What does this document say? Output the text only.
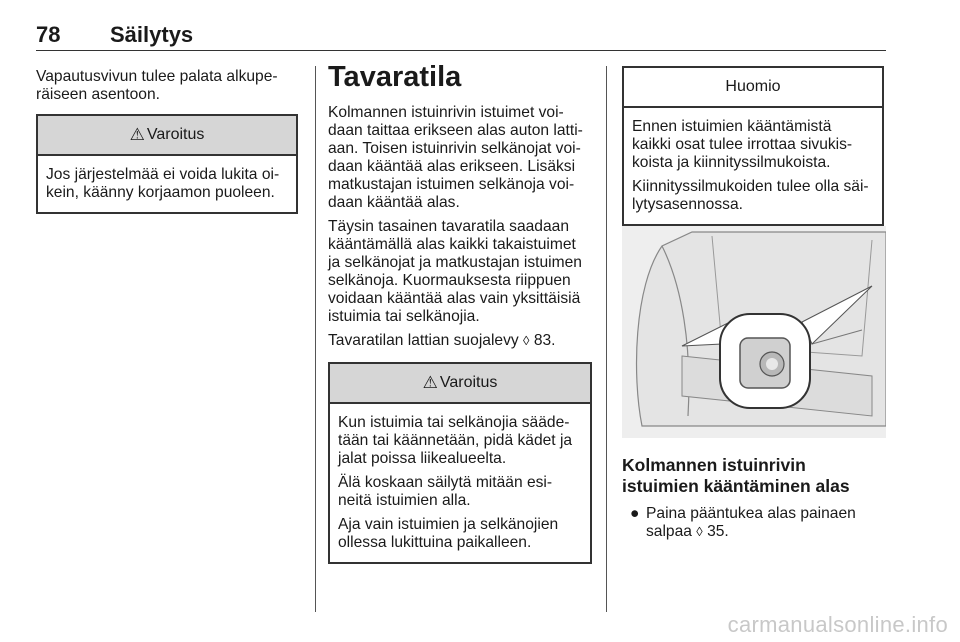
78 Säilytys

Vapautusvivun tulee palata alkupe-räiseen asentoon.

⚠ Varoitus

Jos järjestelmää ei voida lukita oi-kein, käänny korjaamon puoleen.

Tavaratila

Kolmannen istuinrivin istuimet voi-daan taittaa erikseen alas auton latti-aan. Toisen istuinrivin selkänojat voi-daan kääntää alas erikseen. Lisäksi matkustajan istuimen selkänoja voi-daan kääntää alas.

Täysin tasainen tavaratila saadaan kääntämällä alas kaikki takaistuimet ja selkänojat ja matkustajan istuimen selkänoja. Kuormauksesta riippuen voidaan kääntää alas vain yksittäisiä istuimia tai selkänojia.

Tavaratilan lattian suojalevy ◊ 83.

⚠ Varoitus

Kun istuimia tai selkänojia sääde-tään tai käännetään, pidä kädet ja jalat poissa liikealueelta.

Älä koskaan säilytä mitään esi-neitä istuimien alla.

Aja vain istuimien ja selkänojien ollessa lukittuina paikalleen.

Huomio

Ennen istuimien kääntämistä kaikki osat tulee irrottaa sivukis-koista ja kiinnityssilmukoista.

Kiinnityssilmukoiden tulee olla säi-lytysasennossa.

Kolmannen istuinrivin istuimien kääntäminen alas

● Paina pääntukea alas painaen salpaa ◊ 35.

carmanualsonline.info
